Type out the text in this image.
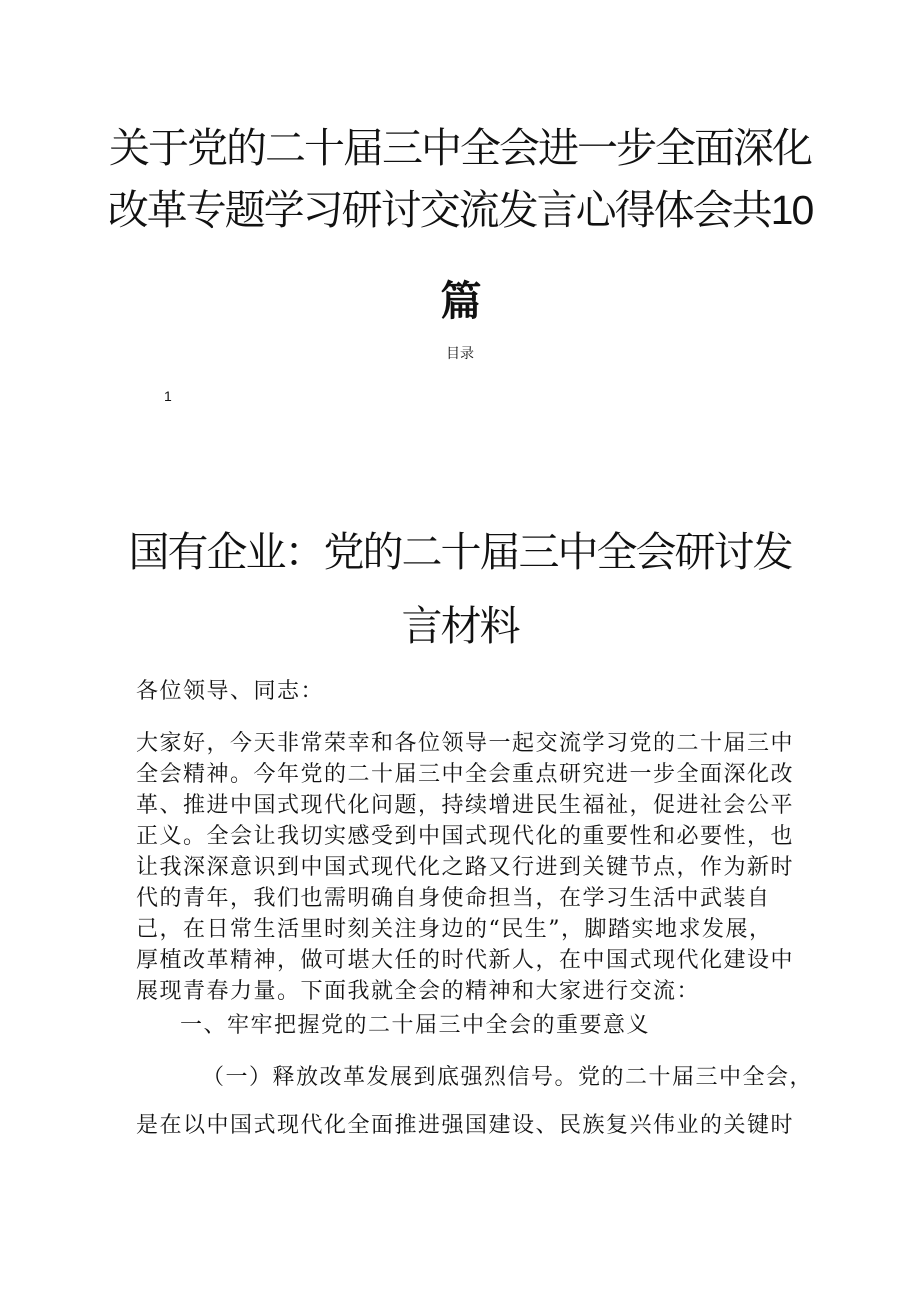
关于党的二十届三中全会进一步全面深化
改革专题学习研讨交流发言心得体会共10
篇
目录
1
国有企业：党的二十届三中全会研讨发
言材料
各位领导、同志：
大家好，今天非常荣幸和各位领导一起交流学习党的二十届三中
全会精神。今年党的二十届三中全会重点研究进一步全面深化改
革、推进中国式现代化问题，持续增进民生福祉，促进社会公平
正义。全会让我切实感受到中国式现代化的重要性和必要性，也
让我深深意识到中国式现代化之路又行进到关键节点，作为新时
代的青年，我们也需明确自身使命担当，在学习生活中武装自
己，在日常生活里时刻关注身边的“民生”，脚踏实地求发展，
厚植改革精神，做可堪大任的时代新人，在中国式现代化建设中
展现青春力量。下面我就全会的精神和大家进行交流：
一、牢牢把握党的二十届三中全会的重要意义
（一）释放改革发展到底强烈信号。党的二十届三中全会，
是在以中国式现代化全面推进强国建设、民族复兴伟业的关键时
